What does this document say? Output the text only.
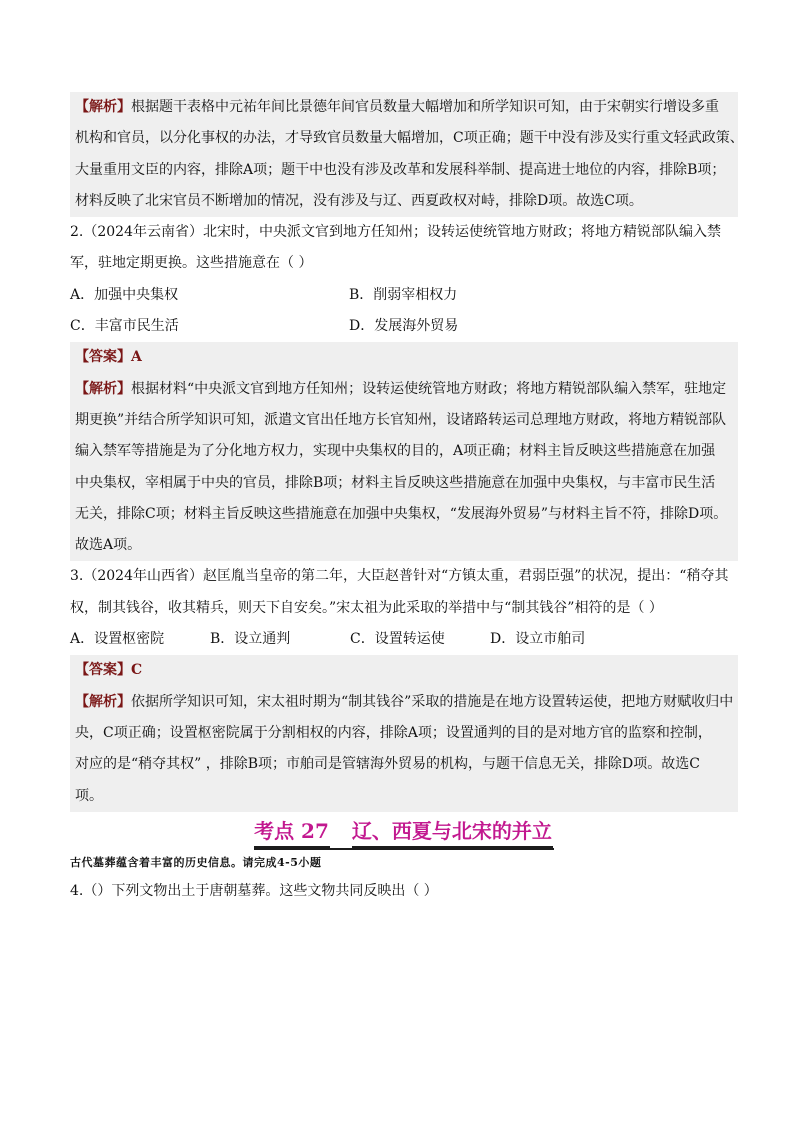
【解析】根据题干表格中元祐年间比景德年间官员数量大幅增加和所学知识可知，由于宋朝实行增设多重
机构和官员，以分化事权的办法，才导致官员数量大幅增加，C项正确；题干中没有涉及实行重文轻武政策、
大量重用文臣的内容，排除A项；题干中也没有涉及改革和发展科举制、提高进士地位的内容，排除B项；
材料反映了北宋官员不断增加的情况，没有涉及与辽、西夏政权对峙，排除D项。故选C项。
2.（2024年云南省）北宋时，中央派文官到地方任知州；设转运使统管地方财政；将地方精锐部队编入禁
军，驻地定期更换。这些措施意在（ ）
A．加强中央集权	B．削弱宰相权力
C．丰富市民生活	D．发展海外贸易
【答案】A
【解析】根据材料“中央派文官到地方任知州；设转运使统管地方财政；将地方精锐部队编入禁军，驻地定
期更换”并结合所学知识可知，派遣文官出任地方长官知州，设诸路转运司总理地方财政，将地方精锐部队
编入禁军等措施是为了分化地方权力，实现中央集权的目的，A项正确；材料主旨反映这些措施意在加强
中央集权，宰相属于中央的官员，排除B项；材料主旨反映这些措施意在加强中央集权，与丰富市民生活
无关，排除C项；材料主旨反映这些措施意在加强中央集权，“发展海外贸易”与材料主旨不符，排除D项。
故选A项。
3.（2024年山西省）赵匡胤当皇帝的第二年，大臣赵普针对“方镇太重，君弱臣强”的状况，提出：“稍夺其
权，制其钱谷，收其精兵，则天下自安矣。”宋太祖为此采取的举措中与“制其钱谷”相符的是（ ）
A．设置枢密院	B．设立通判	C．设置转运使	D．设立市舶司
【答案】C
【解析】依据所学知识可知，宋太祖时期为“制其钱谷”采取的措施是在地方设置转运使，把地方财赋收归中
央，C项正确；设置枢密院属于分割相权的内容，排除A项；设置通判的目的是对地方官的监察和控制，
对应的是“稍夺其权” ，排除B项；市舶司是管辖海外贸易的机构，与题干信息无关，排除D项。故选C
项。
考点 27 辽、西夏与北宋的并立
古代墓葬蕴含着丰富的历史信息。请完成4-5小题
4.（）下列文物出土于唐朝墓葬。这些文物共同反映出（ ）
